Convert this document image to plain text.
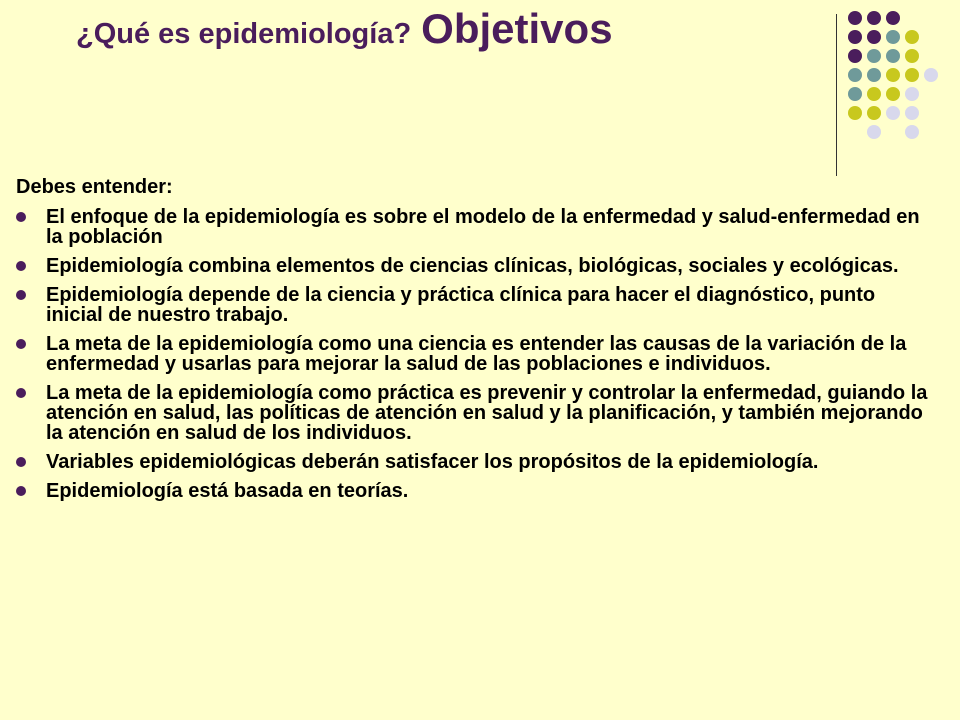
¿Qué es epidemiología? Objetivos
Debes entender:
El enfoque de la epidemiología es sobre el modelo de la enfermedad y salud-enfermedad en la población
Epidemiología combina elementos de ciencias clínicas, biológicas, sociales y ecológicas.
Epidemiología depende de la ciencia y práctica clínica para hacer el diagnóstico, punto inicial de nuestro trabajo.
La meta de la epidemiología como una ciencia es entender las causas de la variación de la enfermedad y usarlas para mejorar la salud de las poblaciones e individuos.
La meta de la epidemiología como práctica es prevenir y controlar la enfermedad, guiando la atención en salud, las políticas de atención en salud y la planificación, y también mejorando la atención en salud de los individuos.
Variables epidemiológicas deberán satisfacer los propósitos de la epidemiología.
Epidemiología está basada en teorías.
